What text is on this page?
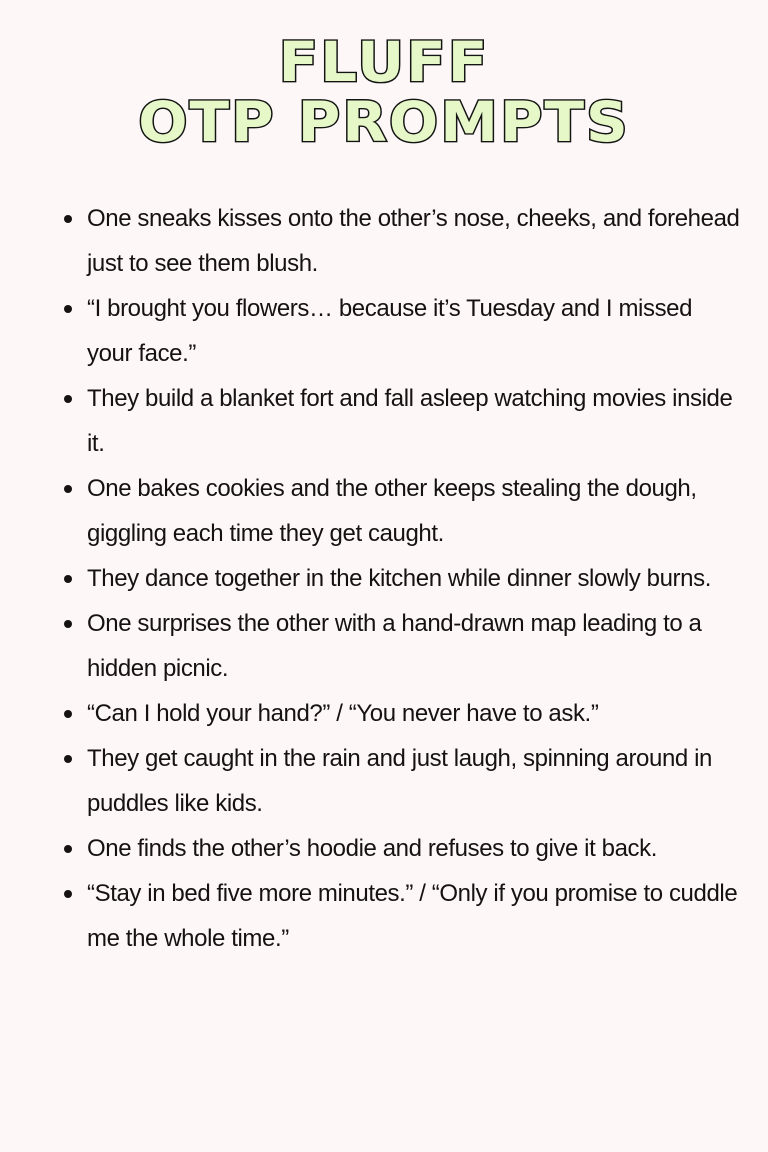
FLUFF
OTP PROMPTS
One sneaks kisses onto the other’s nose, cheeks, and forehead just to see them blush.
“I brought you flowers… because it’s Tuesday and I missed your face.”
They build a blanket fort and fall asleep watching movies inside it.
One bakes cookies and the other keeps stealing the dough, giggling each time they get caught.
They dance together in the kitchen while dinner slowly burns.
One surprises the other with a hand-drawn map leading to a hidden picnic.
“Can I hold your hand?” / “You never have to ask.”
They get caught in the rain and just laugh, spinning around in puddles like kids.
One finds the other’s hoodie and refuses to give it back.
“Stay in bed five more minutes.” / “Only if you promise to cuddle me the whole time.”
